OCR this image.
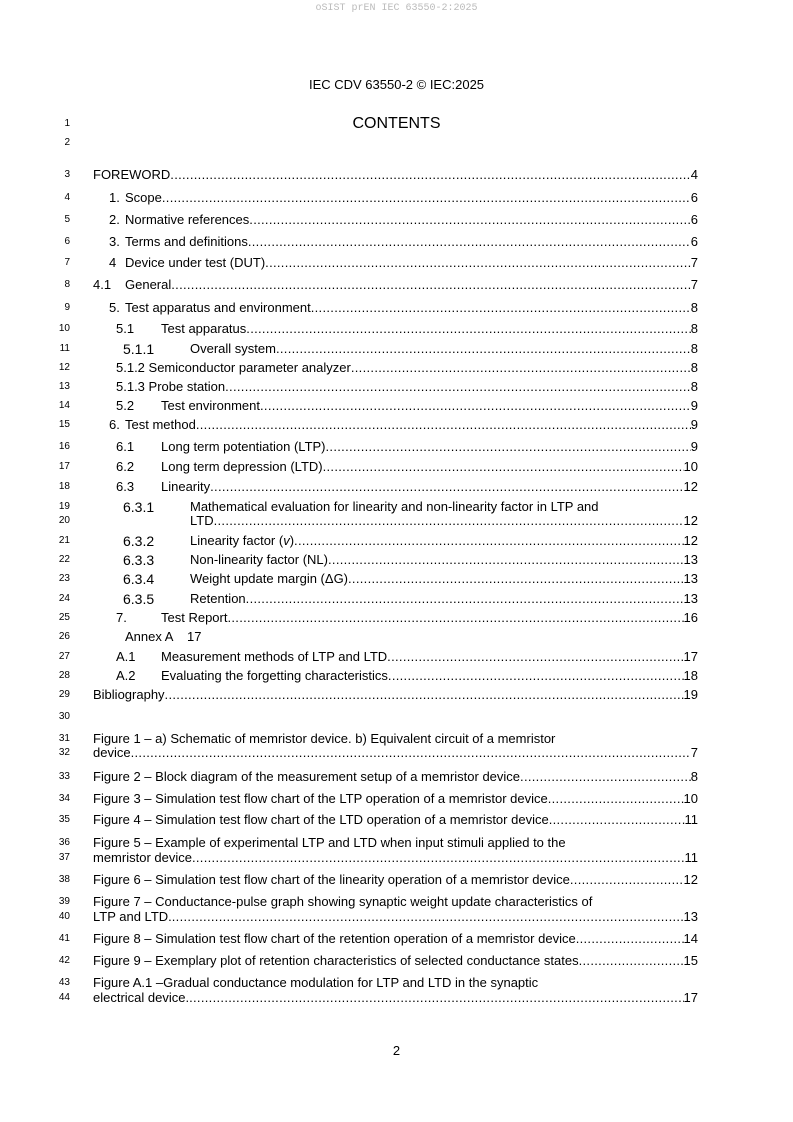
oSIST prEN IEC 63550-2:2025
IEC CDV 63550-2 © IEC:2025
CONTENTS
2
1
2
3
4
5
6
7
8
9
10
11
12
13
14
15
16
17
18
19
20
21
22
23
24
25
26
27
28
29
30
31
32
33
34
35
36
37
38
39
40
41
42
43
44
FOREWORD .....	4
1. Scope .....	6
2. Normative references .....	6
3. Terms and definitions .....	6
4 Device under test (DUT) .....	7
4.1	General .....	7
5. Test apparatus and environment .....	8
5.1	Test apparatus .....	8
5.1.1	Overall system .....	8
5.1.2 Semiconductor parameter analyzer .....	8
5.1.3 Probe station .....	8
5.2	Test environment .....	9
6. Test method .....	9
6.1	Long term potentiation (LTP) .....	9
6.2	Long term depression (LTD) .....	10
6.3	Linearity .....	12
6.3.1	Mathematical evaluation for linearity and non-linearity factor in LTP and
LTD .....	12
6.3.2	Linearity factor (v) .....	12
6.3.3	Non-linearity factor (NL) .....	13
6.3.4	Weight update margin (ΔG) .....	13
6.3.5	Retention .....	13
7.	Test Report .....	16
Annex A	17
A.1	Measurement methods of LTP and LTD .....	17
A.2	Evaluating the forgetting characteristics .....	18
Bibliography .....	19
Figure 1 – a) Schematic of memristor device. b) Equivalent circuit of a memristor
device .....	7
Figure 2 – Block diagram of the measurement setup of a memristor device .....	8
Figure 3 – Simulation test flow chart of the LTP operation of a memristor device .....	10
Figure 4 – Simulation test flow chart of the LTD operation of a memristor device .....	11
Figure 5 – Example of experimental LTP and LTD when input stimuli applied to the
memristor device .....	11
Figure 6 – Simulation test flow chart of the linearity operation of a memristor device .....	12
Figure 7 – Conductance-pulse graph showing synaptic weight update characteristics of
LTP and LTD. .....	13
Figure 8 – Simulation test flow chart of the retention operation of a memristor device .....	14
Figure 9 – Exemplary plot of retention characteristics of selected conductance states .....	15
Figure A.1 –Gradual conductance modulation for LTP and LTD in the synaptic
electrical device. .....	17
